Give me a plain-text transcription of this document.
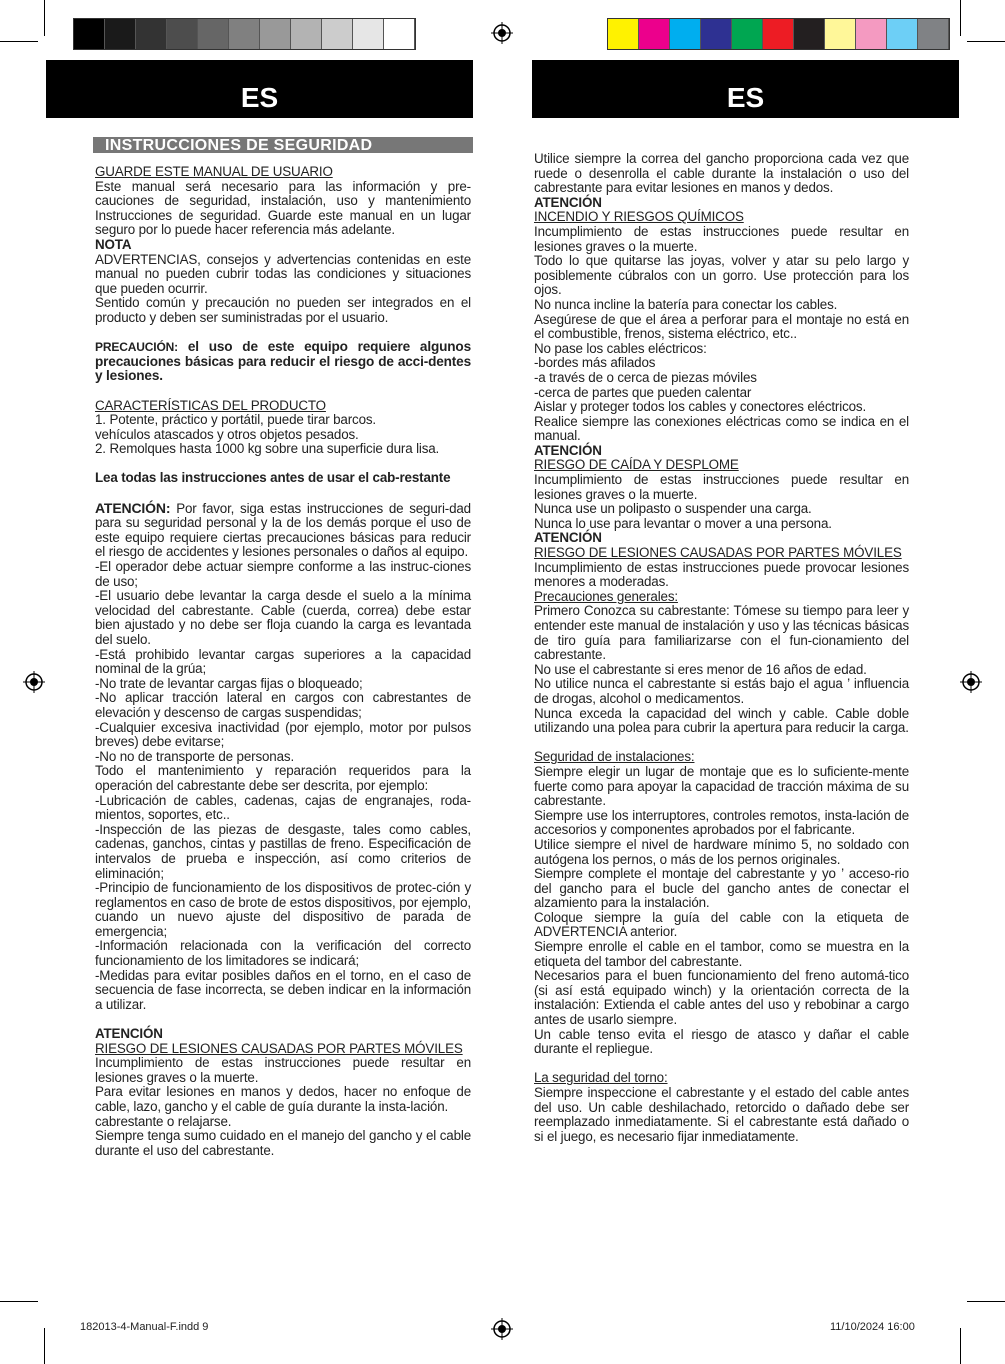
ES	ES
INSTRUCCIONES DE SEGURIDAD

GUARDE ESTE MANUAL DE USUARIO

Este manual será necesario para las información y pre-cauciones de seguridad, instalación, uso y mantenimiento Instrucciones de seguridad. Guarde este manual en un lugar seguro por lo puede hacer referencia más adelante.

NOTA

ADVERTENCIAS, consejos y advertencias contenidas en este manual no pueden cubrir todas las condiciones y situaciones que pueden ocurrir.

Sentido común y precaución no pueden ser integrados en el producto y deben ser suministradas por el usuario.

PRECAUCIÓN: el uso de este equipo requiere algunos precauciones básicas para reducir el riesgo de acci-dentes y lesiones.

CARACTERÍSTICAS DEL PRODUCTO

1. Potente, práctico y portátil, puede tirar barcos.

vehículos atascados y otros objetos pesados.

2. Remolques hasta 1000 kg sobre una superficie dura lisa.

Lea todas las instrucciones antes de usar el cab-restante

ATENCIÓN: Por favor, siga estas instrucciones de seguri-dad para su seguridad personal y la de los demás porque el uso de este equipo requiere ciertas precauciones básicas para reducir el riesgo de accidentes y lesiones personales o daños al equipo.

-El operador debe actuar siempre conforme a las instruc-ciones de uso;

-El usuario debe levantar la carga desde el suelo a la mínima velocidad del cabrestante. Cable (cuerda, correa) debe estar bien ajustado y no debe ser floja cuando la carga es levantada del suelo.

-Está prohibido levantar cargas superiores a la capacidad nominal de la grúa;

-No trate de levantar cargas fijas o bloqueado;

-No aplicar tracción lateral en cargos con cabrestantes de elevación y descenso de cargas suspendidas;

-Cualquier excesiva inactividad (por ejemplo, motor por pulsos breves) debe evitarse;

-No no de transporte de personas.

Todo el mantenimiento y reparación requeridos para la operación del cabrestante debe ser descrita, por ejemplo:

-Lubricación de cables, cadenas, cajas de engranajes, roda-mientos, soportes, etc..

-Inspección de las piezas de desgaste, tales como cables, cadenas, ganchos, cintas y pastillas de freno. Especificación de intervalos de prueba e inspección, así como criterios de eliminación;

-Principio de funcionamiento de los dispositivos de protec-ción y reglamentos en caso de brote de estos dispositivos, por ejemplo, cuando un nuevo ajuste del dispositivo de parada de emergencia;

-Información relacionada con la verificación del correcto funcionamiento de los limitadores se indicará;

-Medidas para evitar posibles daños en el torno, en el caso de secuencia de fase incorrecta, se deben indicar en la información a utilizar.

ATENCIÓN

RIESGO DE LESIONES CAUSADAS POR PARTES MÓVILES

Incumplimiento de estas instrucciones puede resultar en lesiones graves o la muerte.

Para evitar lesiones en manos y dedos, hacer no enfoque de cable, lazo, gancho y el cable de guía durante la insta-lación.

cabrestante o relajarse.

Siempre tenga sumo cuidado en el manejo del gancho y el cable durante el uso del cabrestante.

Utilice siempre la correa del gancho proporciona cada vez que ruede o desenrolla el cable durante la instalación o uso del cabrestante para evitar lesiones en manos y dedos.

ATENCIÓN

INCENDIO Y RIESGOS QUÍMICOS

Incumplimiento de estas instrucciones puede resultar en lesiones graves o la muerte.

Todo lo que quitarse las joyas, volver y atar su pelo largo y posiblemente cúbralos con un gorro. Use protección para los ojos.

No nunca incline la batería para conectar los cables.

Asegúrese de que el área a perforar para el montaje no está en el combustible, frenos, sistema eléctrico, etc..

No pase los cables eléctricos:

-bordes más afilados

-a través de o cerca de piezas móviles

-cerca de partes que pueden calentar

Aislar y proteger todos los cables y conectores eléctricos.

Realice siempre las conexiones eléctricas como se indica en el manual.

ATENCIÓN

RIESGO DE CAÍDA Y DESPLOME

Incumplimiento de estas instrucciones puede resultar en lesiones graves o la muerte.

Nunca use un polipasto o suspender una carga.

Nunca lo use para levantar o mover a una persona.

ATENCIÓN

RIESGO DE LESIONES CAUSADAS POR PARTES MÓVILES

Incumplimiento de estas instrucciones puede provocar lesiones menores a moderadas.

Precauciones generales:

Primero Conozca su cabrestante: Tómese su tiempo para leer y entender este manual de instalación y uso y las técnicas básicas de tiro guía para familiarizarse con el fun-cionamiento del cabrestante.

No use el cabrestante si eres menor de 16 años de edad.

No utilice nunca el cabrestante si estás bajo el agua ’ influencia de drogas, alcohol o medicamentos.

Nunca exceda la capacidad del winch y cable. Cable doble utilizando una polea para cubrir la apertura para reducir la carga.

Seguridad de instalaciones:

Siempre elegir un lugar de montaje que es lo suficiente-mente fuerte como para apoyar la capacidad de tracción máxima de su cabrestante.

Siempre use los interruptores, controles remotos, insta-lación de accesorios y componentes aprobados por el fabricante.

Utilice siempre el nivel de hardware mínimo 5, no soldado con autógena los pernos, o más de los pernos originales.

Siempre complete el montaje del cabrestante y yo ’ acceso-rio del gancho para el bucle del gancho antes de conectar el alzamiento para la instalación.

Coloque siempre la guía del cable con la etiqueta de ADVERTENCIA anterior.

Siempre enrolle el cable en el tambor, como se muestra en la etiqueta del tambor del cabrestante.

Necesarios para el buen funcionamiento del freno automá-tico (si así está equipado winch) y la orientación correcta de la instalación: Extienda el cable antes del uso y rebobinar a cargo antes de usarlo siempre.

Un cable tenso evita el riesgo de atasco y dañar el cable durante el repliegue.

La seguridad del torno:

Siempre inspeccione el cabrestante y el estado del cable antes del uso. Un cable deshilachado, retorcido o dañado debe ser reemplazado inmediatamente. Si el cabrestante está dañado o si el juego, es necesario fijar inmediatamente.

182013-4-Manual-F.indd 9	11/10/2024 16:00
